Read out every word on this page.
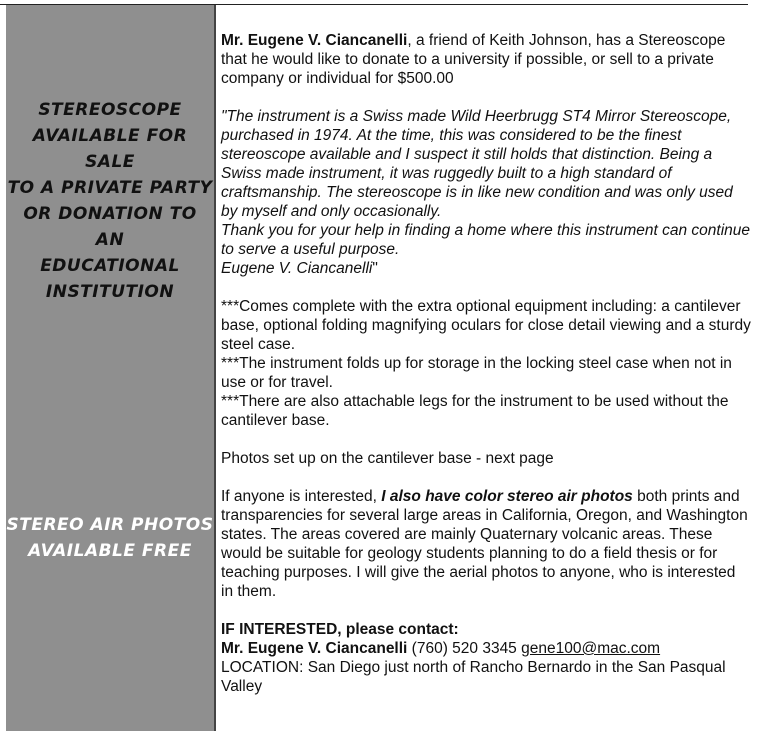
STEREOSCOPE
AVAILABLE FOR SALE
TO A PRIVATE PARTY
OR DONATION TO AN
EDUCATIONAL
INSTITUTION
STEREO AIR PHOTOS
AVAILABLE FREE

Mr. Eugene V. Ciancanelli, a friend of Keith Johnson, has a Stereoscope that he would like to donate to a university if possible, or sell to a private company or individual for $500.00

"The instrument is a Swiss made Wild Heerbrugg ST4 Mirror Stereoscope, purchased in 1974. At the time, this was considered to be the finest stereoscope available and I suspect it still holds that distinction. Being a Swiss made instrument, it was ruggedly built to a high standard of craftsmanship. The stereoscope is in like new condition and was only used by myself and only occasionally.
Thank you for your help in finding a home where this instrument can continue to serve a useful purpose.
Eugene V. Ciancanelli"

***Comes complete with the extra optional equipment including: a cantilever base, optional folding magnifying oculars for close detail viewing and a sturdy steel case.
***The instrument folds up for storage in the locking steel case when not in use or for travel.
***There are also attachable legs for the instrument to be used without the cantilever base.

Photos set up on the cantilever base - next page

If anyone is interested, I also have color stereo air photos both prints and transparencies for several large areas in California, Oregon, and Washington states. The areas covered are mainly Quaternary volcanic areas. These would be suitable for geology students planning to do a field thesis or for teaching purposes. I will give the aerial photos to anyone, who is interested in them.

IF INTERESTED, please contact:
Mr. Eugene V. Ciancanelli (760) 520 3345 gene100@mac.com
LOCATION: San Diego just north of Rancho Bernardo in the San Pasqual Valley
